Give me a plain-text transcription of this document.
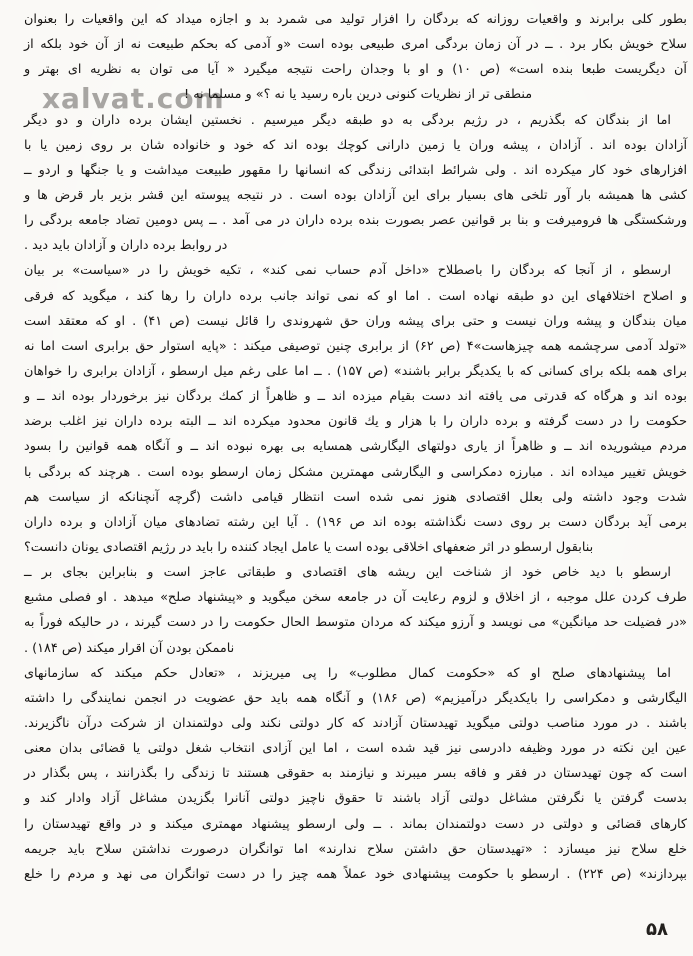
xalvat.com
بطور كلى برابرند و واقعيات روزانه كه بردگان را افزار توليد مى شمرد بد و اجازه ميداد كه اين واقعيات را بعنوان
سلاح خويش بكار برد . ــ در آن زمان بردگى امرى طبيعى بوده است «و آدمى كه بحكم طبيعت نه از آن خود بلكه از
آن ديگريست طبعا بنده است» (ص ۱۰) و او با وجدان راحت نتيجه ميگيرد « آيا مى توان به نظريه اى بهتر و
منطقى تر از نظريات كنونى درين باره رسيد يا نه ؟» و مسلما نه !
اما از بندگان كه بگذريم ، در رژيم بردگى به دو طبقه ديگر ميرسيم . نخستين ايشان برده داران و دو ديگر
آزادان بوده اند . آزادان ، پيشه وران يا زمين دارانى كوچك بوده اند كه خود و خانواده شان بر روى زمين يا با
افزارهاى خود كار ميكرده اند . ولى شرائط ابتدائى زندگى كه انسانها را مقهور طبيعت ميداشت و يا جنگها و اردو ــ
كشى ها هميشه بار آور تلخى هاى بسيار براى اين آزادان بوده است . در نتيجه پيوسته اين قشر بزير بار قرض ها و
ورشكستگى ها فروميرفت و بنا بر قوانين عصر بصورت بنده برده داران در مى آمد . ــ پس دومين تضاد جامعه بردگى را
در روابط برده داران و آزادان بايد ديد .
ارسطو ، از آنجا كه بردگان را باصطلاح «داخل آدم حساب نمى كند» ، تكيه خويش را در «سياست» بر بيان
و اصلاح اختلافهاى اين دو طبقه نهاده است . اما او كه نمى تواند جانب برده داران را رها كند ، ميگويد كه فرقى
ميان بندگان و پيشه وران نيست و حتى براى پيشه وران حق شهروندى را قائل نيست (ص ۴۱) . او كه معتقد است
«تولد آدمى سرچشمه همه چيزهاست»۴ (ص ۶۲) از برابرى چنين توصيفى ميكند : «پايه استوار حق برابرى است اما نه
براى همه بلكه براى كسانى كه با يكديگر برابر باشند» (ص ۱۵۷) . ــ اما على رغم ميل ارسطو ، آزادان برابرى را خواهان
بوده اند و هرگاه كه قدرتى مى يافته اند دست بقيام ميزده اند ــ و ظاهراً از كمك بردگان نيز برخوردار بوده اند ــ و
حكومت را در دست گرفته و برده داران را با هزار و يك قانون محدود ميكرده اند ــ البته برده داران نيز اغلب برضد
مردم ميشوريده اند ــ و ظاهراً از يارى دولتهاى اليگارشى همسايه بى بهره نبوده اند ــ و آنگاه همه قوانين را بسود
خويش تغيير ميداده اند . مبارزه دمكراسى و اليگارشى مهمترين مشكل زمان ارسطو بوده است . هرچند كه بردگى با
شدت وجود داشته ولى بعلل اقتصادى هنوز نمى شده است انتظار قيامى داشت (گرچه آنچنانكه از سياست هم
برمى آيد بردگان دست بر روى دست نگذاشته بوده اند ص ۱۹۶) . آيا اين رشته تضادهاى ميان آزادان و برده داران
بنابقول ارسطو در اثر ضعفهاى اخلاقى بوده است يا عامل ايجاد كننده را بايد در رژيم اقتصادى يونان دانست؟
ارسطو با ديد خاص خود از شناخت اين ريشه هاى اقتصادى و طبقاتى عاجز است و بنابراين بجاى بر ــ
طرف كردن علل موجبه ، از اخلاق و لزوم رعايت آن در جامعه سخن ميگويد و «پيشنهاد صلح» ميدهد . او فصلى مشبع
«در فضيلت حد ميانگين» مى نويسد و آرزو ميكند كه مردان متوسط الحال حكومت را در دست گيرند ، در حاليكه فوراً به
ناممكن بودن آن اقرار ميكند (ص ۱۸۴) .
اما پيشنهادهاى صلح او كه «حكومت كمال مطلوب» را پى ميريزند ، «تعادل حكم ميكند كه سازمانهاى
اليگارشى و دمكراسى را بايكديگر درآميزيم» (ص ۱۸۶) و آنگاه همه بايد حق عضويت در انجمن نمايندگى را داشته
باشند . در مورد مناصب دولتى ميگويد تهيدستان آزادند كه كار دولتى نكند ولى دولتمندان از شركت درآن ناگزيرند.
عين اين نكته در مورد وظيفه دادرسى نيز قيد شده است ، اما اين آزادى انتخاب شغل دولتى يا قضائى بدان معنى
است كه چون تهيدستان در فقر و فاقه بسر ميبرند و نيازمند به حقوقى هستند تا زندگى را بگذرانند ، پس بگذار در
بدست گرفتن يا نگرفتن مشاغل دولتى آزاد باشند تا حقوق ناچيز دولتى آنانرا بگزيدن مشاغل آزاد وادار كند و
كارهاى قضائى و دولتى در دست دولتمندان بماند . ــ ولى ارسطو پيشنهاد مهمترى ميكند و در واقع تهيدستان را
خلع سلاح نيز ميسازد : «تهيدستان حق داشتن سلاح ندارند» اما توانگران درصورت نداشتن سلاح بايد جريمه
بپردازند» (ص ۲۲۴) . ارسطو با حكومت پيشنهادى خود عملاً همه چيز را در دست توانگران مى نهد و مردم را خلع
۵۸
